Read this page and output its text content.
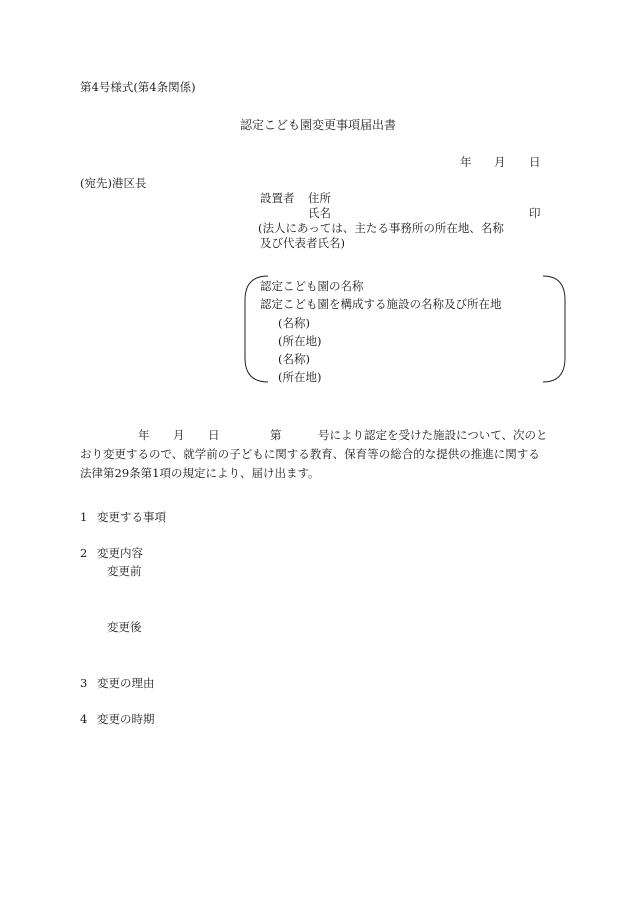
第4号様式(第4条関係)
認定こども園変更事項届出書
年 月 日
(宛先)港区長
設置者 住所
氏名	印
(法人にあっては、主たる事務所の所在地、名称
及び代表者氏名)
認定こども園の名称
認定こども園を構成する施設の名称及び所在地
(名称)
(所在地)
(名称)
(所在地)
年 月 日	第	号により認定を受けた施設について、次のと
おり変更するので、就学前の子どもに関する教育、保育等の総合的な提供の推進に関する
法律第29条第1項の規定により、届け出ます。
1 変更する事項
2 変更内容
変更前
変更後
3 変更の理由
4 変更の時期
